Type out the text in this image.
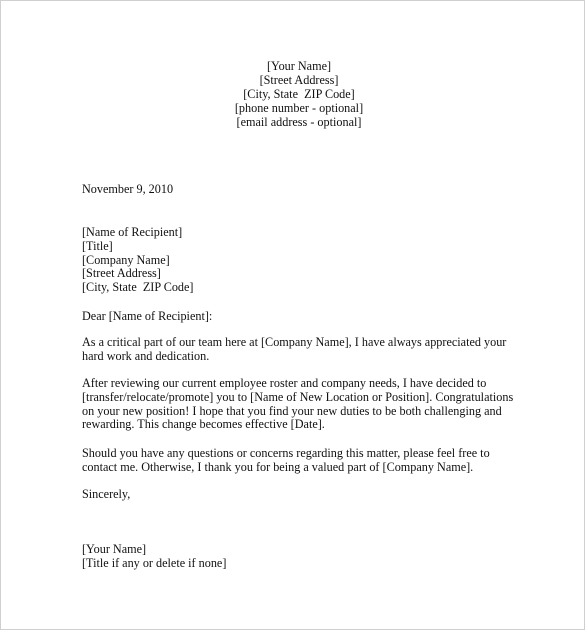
[Your Name]
[Street Address]
[City, State  ZIP Code]
[phone number - optional]
[email address - optional]
November 9, 2010
[Name of Recipient]
[Title]
[Company Name]
[Street Address]
[City, State  ZIP Code]
Dear [Name of Recipient]:
As a critical part of our team here at [Company Name], I have always appreciated your
hard work and dedication.
After reviewing our current employee roster and company needs, I have decided to
[transfer/relocate/promote] you to [Name of New Location or Position]. Congratulations
on your new position! I hope that you find your new duties to be both challenging and
rewarding. This change becomes effective [Date].
Should you have any questions or concerns regarding this matter, please feel free to
contact me. Otherwise, I thank you for being a valued part of [Company Name].
Sincerely,
[Your Name]
[Title if any or delete if none]
